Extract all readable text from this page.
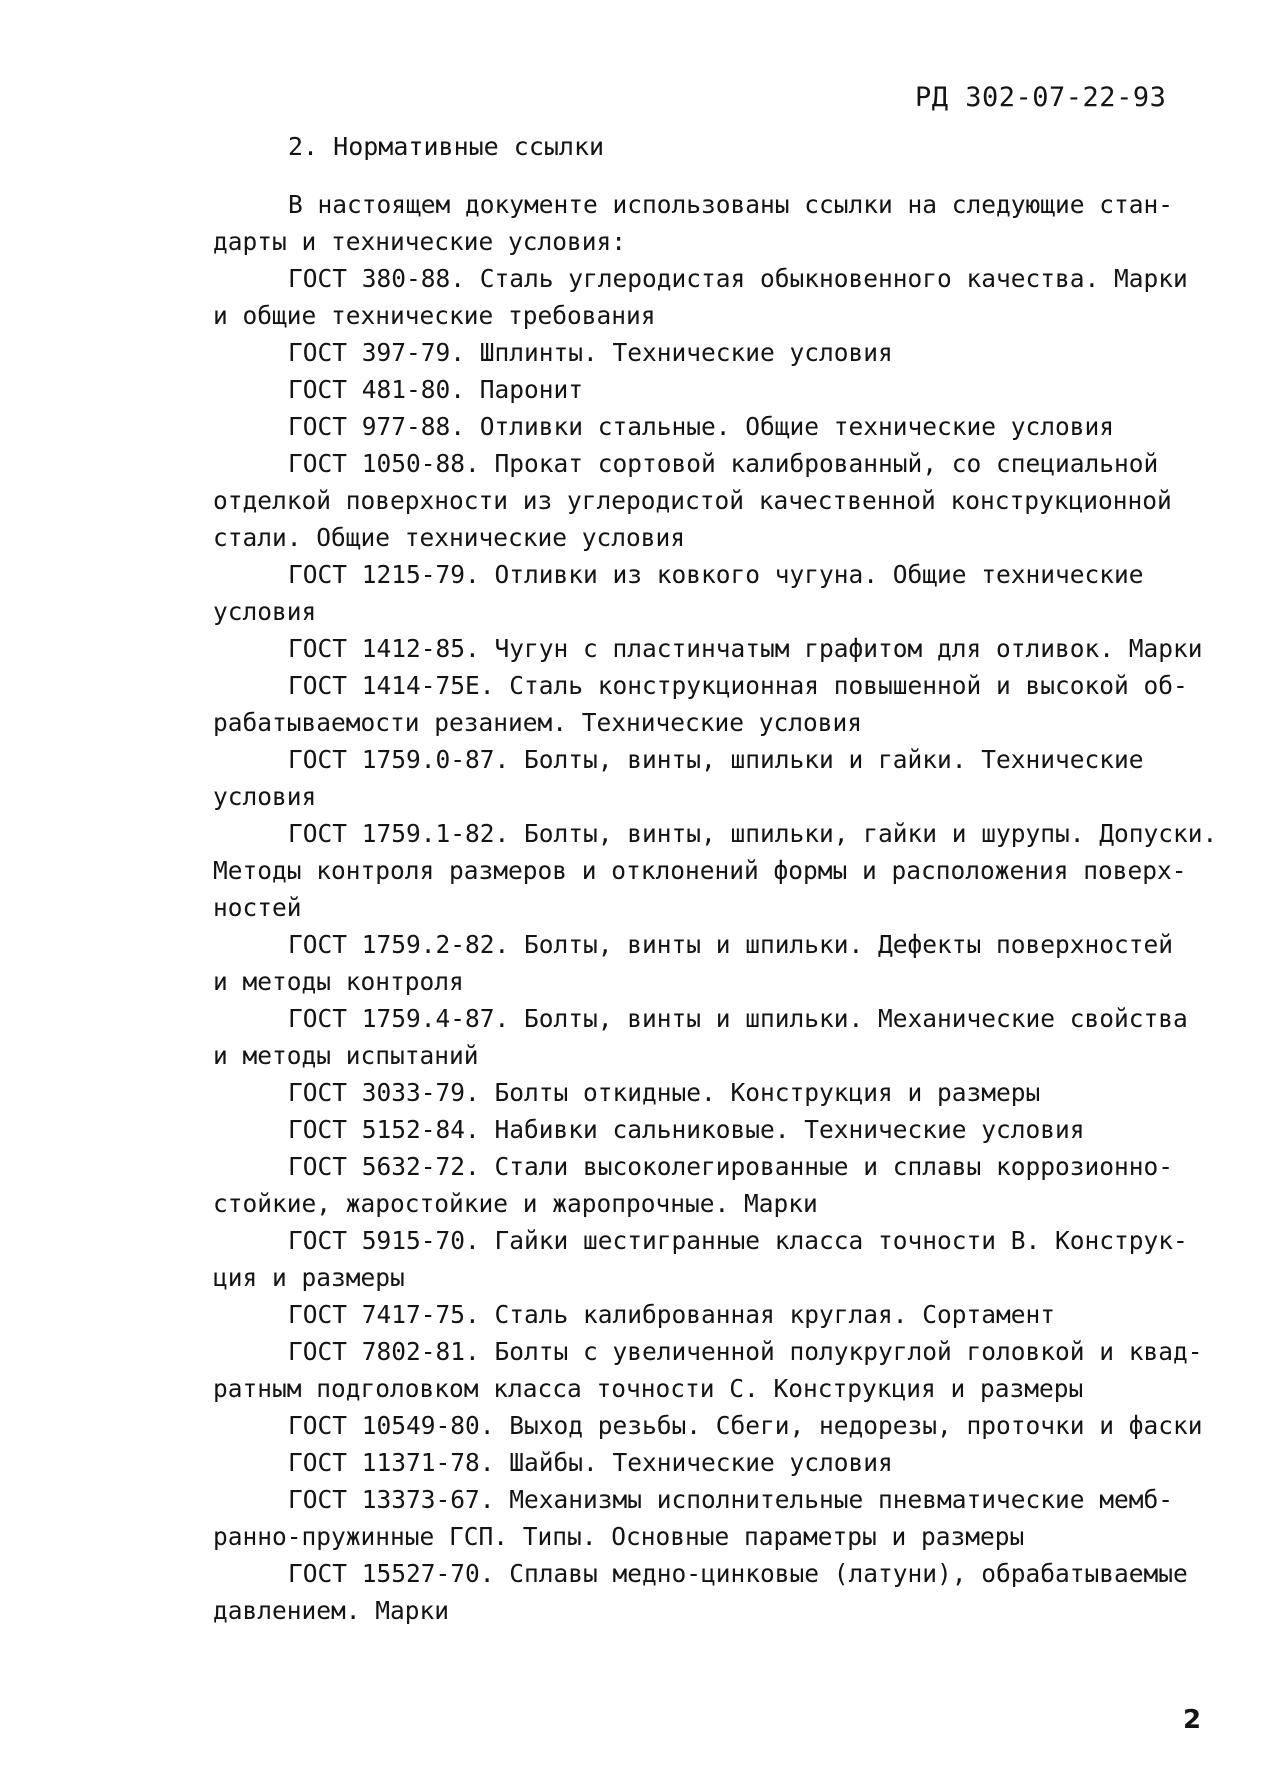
РД 302-07-22-93
2. Нормативные ссылки
В настоящем документе использованы ссылки на следующие стан-
дарты и технические условия:
ГОСТ 380-88. Сталь углеродистая обыкновенного качества. Марки
и общие технические требования
ГОСТ 397-79. Шплинты. Технические условия
ГОСТ 481-80. Паронит
ГОСТ 977-88. Отливки стальные. Общие технические условия
ГОСТ 1050-88. Прокат сортовой калиброванный, со специальной
отделкой поверхности из углеродистой качественной конструкционной
стали. Общие технические условия
ГОСТ 1215-79. Отливки из ковкого чугуна. Общие технические
условия
ГОСТ 1412-85. Чугун с пластинчатым графитом для отливок. Марки
ГОСТ 1414-75Е. Сталь конструкционная повышенной и высокой об-
рабатываемости резанием. Технические условия
ГОСТ 1759.0-87. Болты, винты, шпильки и гайки. Технические
условия
ГОСТ 1759.1-82. Болты, винты, шпильки, гайки и шурупы. Допуски.
Методы контроля размеров и отклонений формы и расположения поверх-
ностей
ГОСТ 1759.2-82. Болты, винты и шпильки. Дефекты поверхностей
и методы контроля
ГОСТ 1759.4-87. Болты, винты и шпильки. Механические свойства
и методы испытаний
ГОСТ 3033-79. Болты откидные. Конструкция и размеры
ГОСТ 5152-84. Набивки сальниковые. Технические условия
ГОСТ 5632-72. Стали высоколегированные и сплавы коррозионно-
стойкие, жаростойкие и жаропрочные. Марки
ГОСТ 5915-70. Гайки шестигранные класса точности В. Конструк-
ция и размеры
ГОСТ 7417-75. Сталь калиброванная круглая. Сортамент
ГОСТ 7802-81. Болты с увеличенной полукруглой головкой и квад-
ратным подголовком класса точности С. Конструкция и размеры
ГОСТ 10549-80. Выход резьбы. Сбеги, недорезы, проточки и фаски
ГОСТ 11371-78. Шайбы. Технические условия
ГОСТ 13373-67. Механизмы исполнительные пневматические мемб-
ранно-пружинные ГСП. Типы. Основные параметры и размеры
ГОСТ 15527-70. Сплавы медно-цинковые (латуни), обрабатываемые
давлением. Марки
2
